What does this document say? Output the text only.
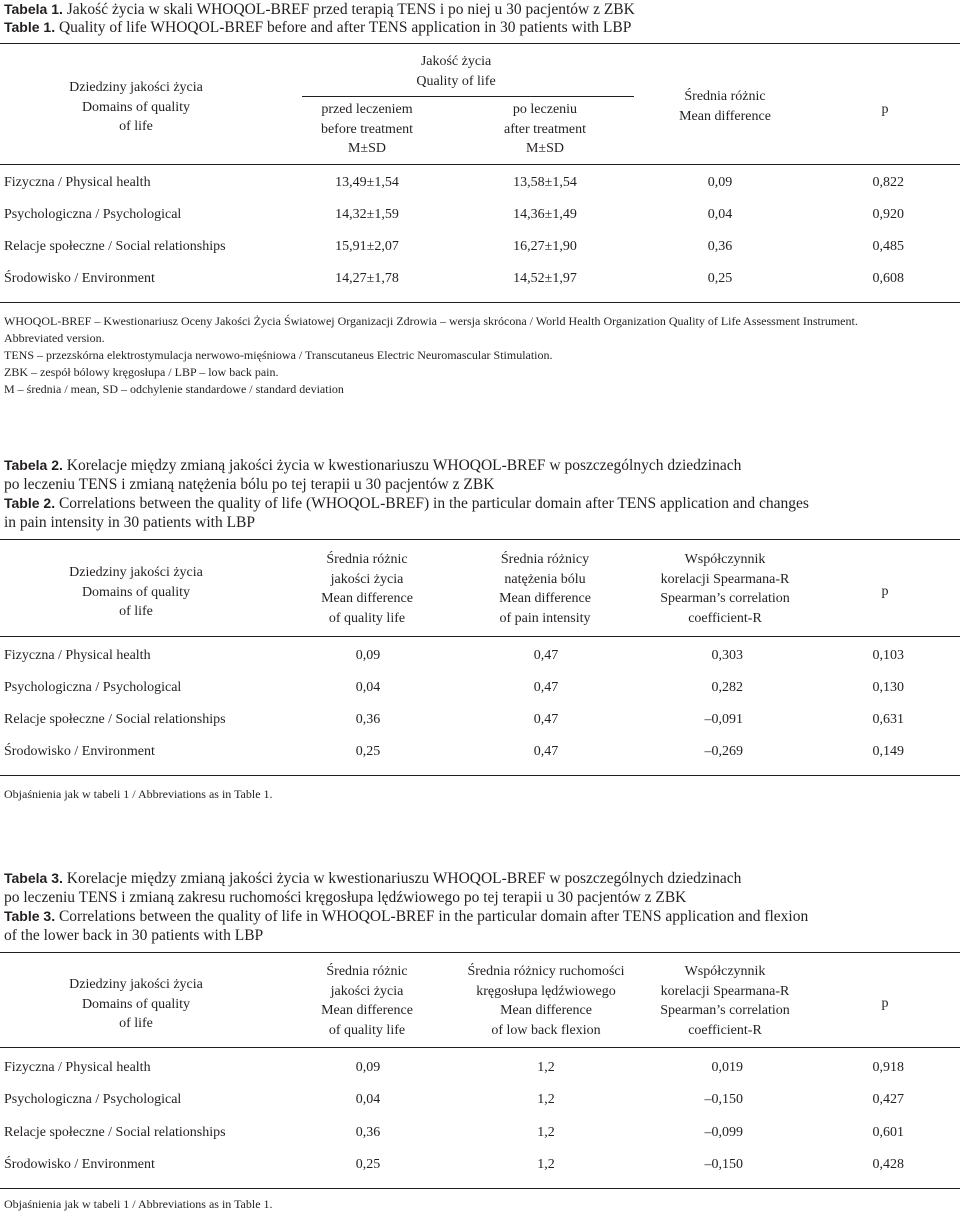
Tabela 1. Jakość życia w skali WHOQOL-BREF przed terapią TENS i po niej u 30 pacjentów z ZBK
Table 1. Quality of life WHOQOL-BREF before and after TENS application in 30 patients with LBP
Dziedziny jakości życia
Domains of quality
of life
Jakość życia
Quality of life
przed leczeniem
before treatment
M±SD
po leczeniu
after treatment
M±SD
Średnia różnic
Mean difference	p
Fizyczna / Physical health	13,49±1,54	13,58±1,54	0,09	0,822
Psychologiczna / Psychological	14,32±1,59	14,36±1,49	0,04	0,920
Relacje społeczne / Social relationships	15,91±2,07	16,27±1,90	0,36	0,485
Środowisko / Environment	14,27±1,78	14,52±1,97	0,25	0,608
WHOQOL-BREF – Kwestionariusz Oceny Jakości Życia Światowej Organizacji Zdrowia – wersja skrócona / World Health Organization Quality of Life Assessment Instrument.
Abbreviated version.
TENS – przezskórna elektrostymulacja nerwowo-mięśniowa / Transcutaneus Electric Neuromascular Stimulation.
ZBK – zespół bólowy kręgosłupa / LBP – low back pain.
M – średnia / mean, SD – odchylenie standardowe / standard deviation
Tabela 2. Korelacje między zmianą jakości życia w kwestionariuszu WHOQOL-BREF w poszczególnych dziedzinach
po leczeniu TENS i zmianą natężenia bólu po tej terapii u 30 pacjentów z ZBK
Table 2. Correlations between the quality of life (WHOQOL-BREF) in the particular domain after TENS application and changes
in pain intensity in 30 patients with LBP
Dziedziny jakości życia
Domains of quality
of life
Średnia różnic
jakości życia
Mean difference
of quality life
Średnia różnicy
natężenia bólu
Mean difference
of pain intensity
Współczynnik
korelacji Spearmana-R
Spearman’s correlation
coefficient-R
p
Fizyczna / Physical health	0,09	0,47	0,303	0,103
Psychologiczna / Psychological	0,04	0,47	0,282	0,130
Relacje społeczne / Social relationships	0,36	0,47	–0,091	0,631
Środowisko / Environment	0,25	0,47	–0,269	0,149
Objaśnienia jak w tabeli 1 / Abbreviations as in Table 1.
Tabela 3. Korelacje między zmianą jakości życia w kwestionariuszu WHOQOL-BREF w poszczególnych dziedzinach
po leczeniu TENS i zmianą zakresu ruchomości kręgosłupa lędźwiowego po tej terapii u 30 pacjentów z ZBK
Table 3. Correlations between the quality of life in WHOQOL-BREF in the particular domain after TENS application and flexion
of the lower back in 30 patients with LBP
Dziedziny jakości życia
Domains of quality
of life
Średnia różnic
jakości życia
Mean difference
of quality life
Średnia różnicy ruchomości
kręgosłupa lędźwiowego
Mean difference
of low back flexion
Współczynnik
korelacji Spearmana-R
Spearman’s correlation
coefficient-R
p
Fizyczna / Physical health	0,09	1,2	0,019	0,918
Psychologiczna / Psychological	0,04	1,2	–0,150	0,427
Relacje społeczne / Social relationships	0,36	1,2	–0,099	0,601
Środowisko / Environment	0,25	1,2	–0,150	0,428
Objaśnienia jak w tabeli 1 / Abbreviations as in Table 1.
